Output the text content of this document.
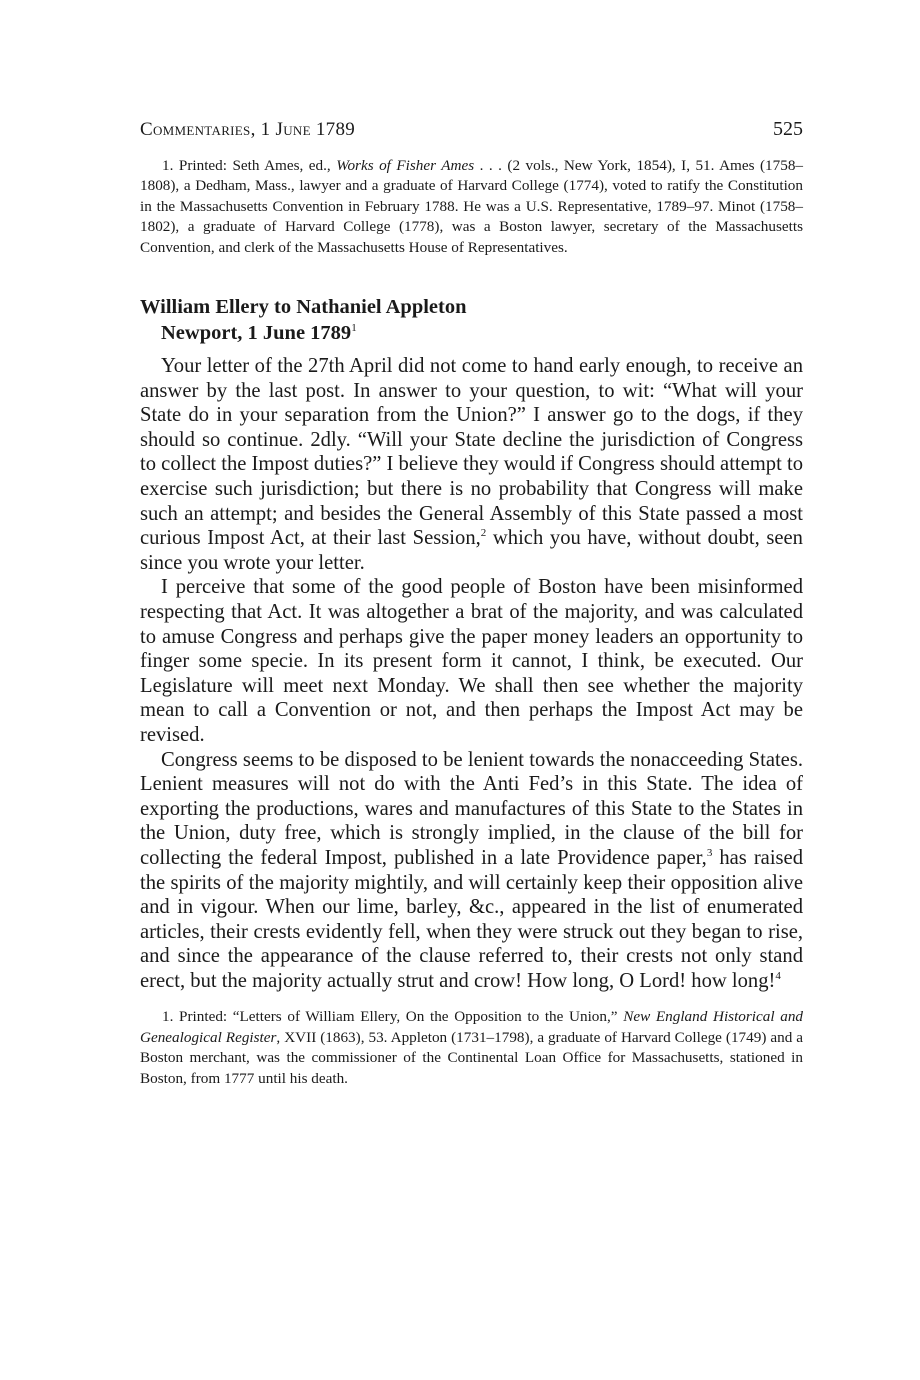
Commentaries, 1 June 1789	525

1. Printed: Seth Ames, ed., Works of Fisher Ames . . . (2 vols., New York, 1854), I, 51. Ames (1758–1808), a Dedham, Mass., lawyer and a graduate of Harvard College (1774), voted to ratify the Constitution in the Massachusetts Convention in February 1788. He was a U.S. Representative, 1789–97. Minot (1758–1802), a graduate of Harvard College (1778), was a Boston lawyer, secretary of the Massachusetts Convention, and clerk of the Massachusetts House of Representatives.

William Ellery to Nathaniel Appleton
Newport, 1 June 1789$^1$

Your letter of the 27th April did not come to hand early enough, to receive an answer by the last post. In answer to your question, to wit: “What will your State do in your separation from the Union?” I answer go to the dogs, if they should so continue. 2dly. “Will your State decline the jurisdiction of Congress to collect the Impost duties?” I believe they would if Congress should attempt to exercise such jurisdiction; but there is no probability that Congress will make such an attempt; and besides the General Assembly of this State passed a most curious Impost Act, at their last Session,$^2$ which you have, without doubt, seen since you wrote your letter.

I perceive that some of the good people of Boston have been misinformed respecting that Act. It was altogether a brat of the majority, and was calculated to amuse Congress and perhaps give the paper money leaders an opportunity to finger some specie. In its present form it cannot, I think, be executed. Our Legislature will meet next Monday. We shall then see whether the majority mean to call a Convention or not, and then perhaps the Impost Act may be revised.

Congress seems to be disposed to be lenient towards the nonacceeding States. Lenient measures will not do with the Anti Fed’s in this State. The idea of exporting the productions, wares and manufactures of this State to the States in the Union, duty free, which is strongly implied, in the clause of the bill for collecting the federal Impost, published in a late Providence paper,$^3$ has raised the spirits of the majority mightily, and will certainly keep their opposition alive and in vigour. When our lime, barley, &c., appeared in the list of enumerated articles, their crests evidently fell, when they were struck out they began to rise, and since the appearance of the clause referred to, their crests not only stand erect, but the majority actually strut and crow! How long, O Lord! how long!$^4$

1. Printed: “Letters of William Ellery, On the Opposition to the Union,” New England Historical and Genealogical Register, XVII (1863), 53. Appleton (1731–1798), a graduate of Harvard College (1749) and a Boston merchant, was the commissioner of the Continental Loan Office for Massachusetts, stationed in Boston, from 1777 until his death.
